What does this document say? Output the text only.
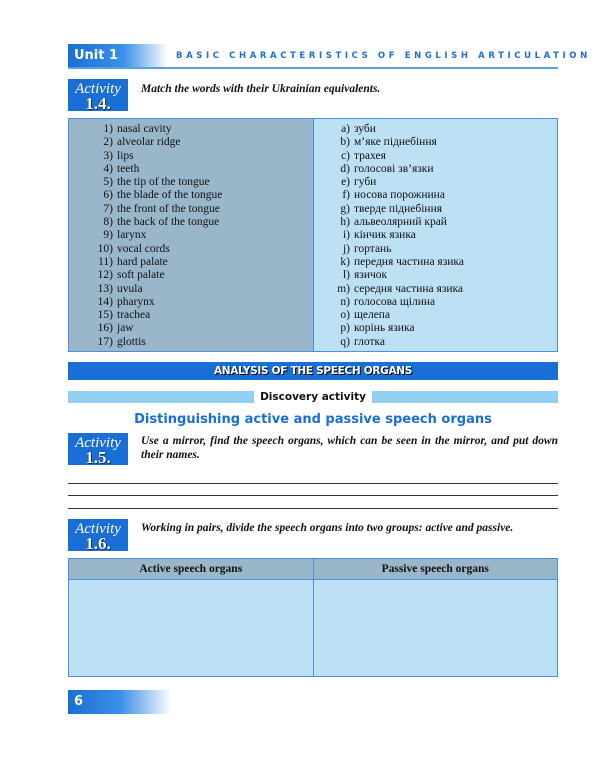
Unit 1	BASIC CHARACTERISTICS OF ENGLISH ARTICULATION
Activity
1.4.
Match the words with their Ukrainian equivalents.
1) nasal cavity
2) alveolar ridge
3) lips
4) teeth
5) the tip of the tongue
6) the blade of the tongue
7) the front of the tongue
8) the back of the tongue
9) larynx
10) vocal cords
11) hard palate
12) soft palate
13) uvula
14) pharynx
15) trachea
16) jaw
17) glottis
a) зуби
b) м’яке піднебіння
c) трахея
d) голосові зв’язки
e) губи
f) носова порожнина
g) тверде піднебіння
h) альвеолярний край
i) кінчик язика
j) гортань
k) передня частина язика
l) язичок
m) середня частина язика
n) голосова щілина
o) щелепа
p) корінь язика
q) глотка
ANALYSIS OF THE SPEECH ORGANS
Discovery activity
Distinguishing active and passive speech organs
Activity
1.5.
Use a mirror, find the speech organs, which can be seen in the mirror, and put down their names.
Activity
1.6.
Working in pairs, divide the speech organs into two groups: active and passive.
Active speech organs	Passive speech organs
6
